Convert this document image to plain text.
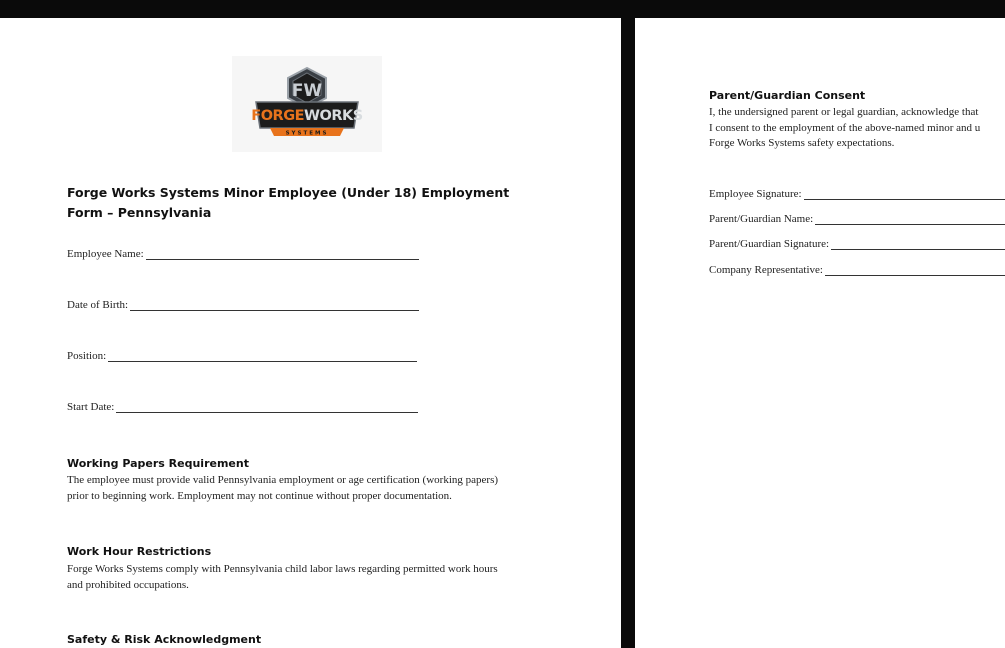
FW
FORGEWORKS
SYSTEMS
Forge Works Systems Minor Employee (Under 18) Employment Form – Pennsylvania
Employee Name:
Date of Birth:
Position:
Start Date:
Working Papers Requirement

The employee must provide valid Pennsylvania employment or age certification (working papers)
prior to beginning work. Employment may not continue without proper documentation.

Work Hour Restrictions

Forge Works Systems comply with Pennsylvania child labor laws regarding permitted work hours
and prohibited occupations.

Safety & Risk Acknowledgment
Parent/Guardian Consent

I, the undersigned parent or legal guardian, acknowledge that
I consent to the employment of the above-named minor and u
Forge Works Systems safety expectations.

Employee Signature:
Parent/Guardian Name:
Parent/Guardian Signature:
Company Representative:
